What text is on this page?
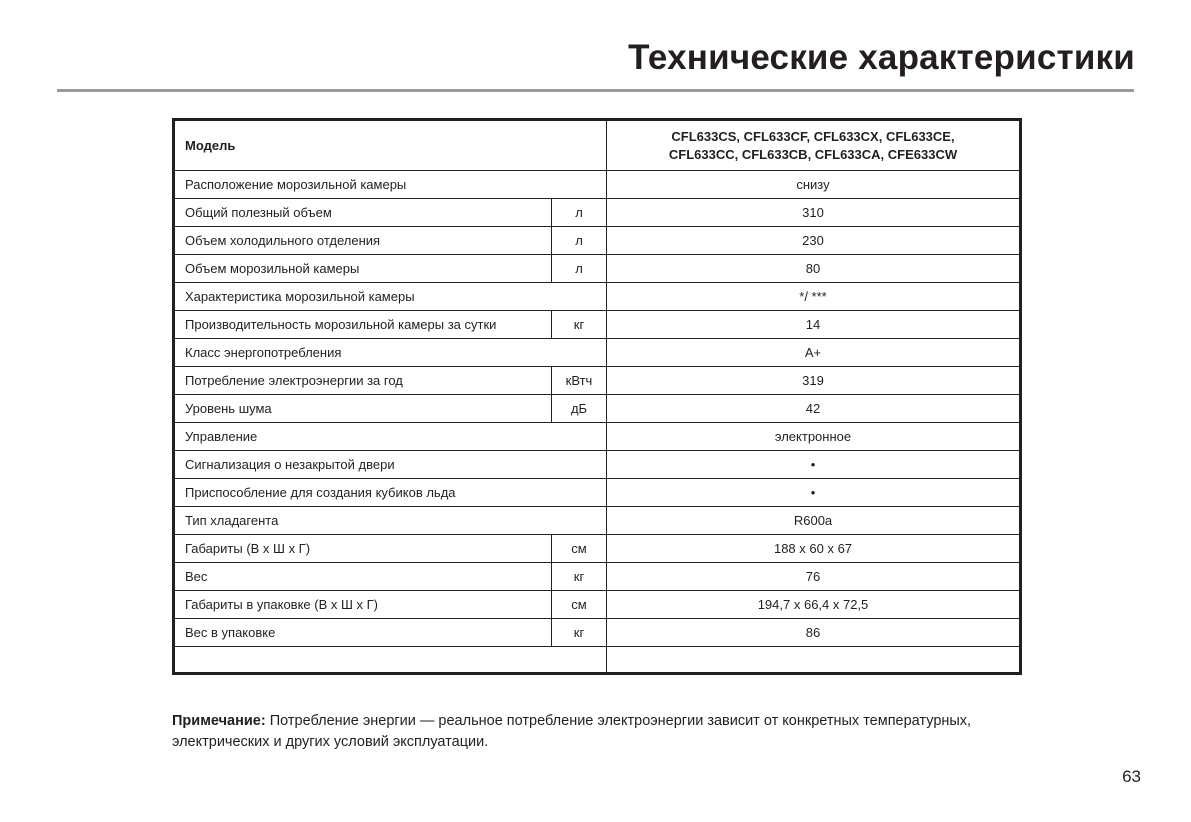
Технические характеристики
Модель		CFL633CS, CFL633CF, CFL633CX, CFL633CE,
CFL633CC, CFL633CB, CFL633CA, CFE633CW
Расположение морозильной камеры		снизу
Общий полезный объем	л	310
Объем холодильного отделения	л	230
Объем морозильной камеры	л	80
Характеристика морозильной камеры		*/ ***
Производительность морозильной камеры за сутки	кг	14
Класс энергопотребления		A+
Потребление электроэнергии за год	кВтч	319
Уровень шума	дБ	42
Управление		электронное
Сигнализация о незакрытой двери		•
Приспособление для создания кубиков льда		•
Тип хладагента		R600a
Габариты (В х Ш х Г)	см	188 х 60 х 67
Вес	кг	76
Габариты в упаковке (В х Ш х Г)	см	194,7 х 66,4 х 72,5
Вес в упаковке	кг	86

Примечание: Потребление энергии — реальное потребление электроэнергии зависит от конкретных температурных, электрических и других условий эксплуатации.
63
